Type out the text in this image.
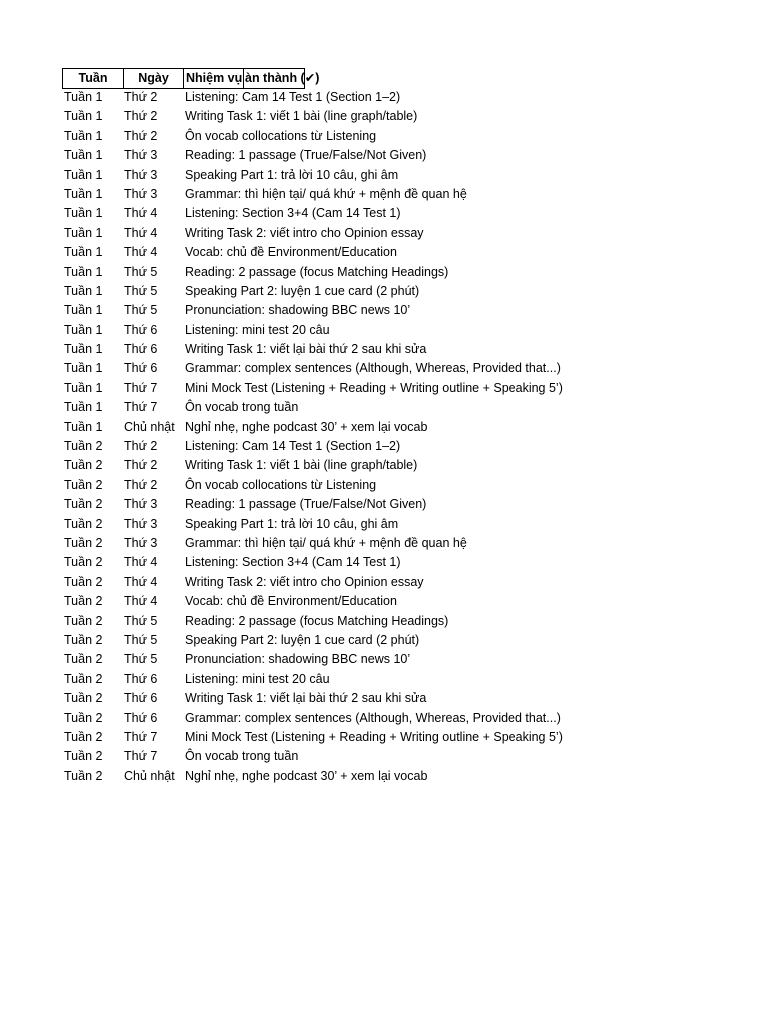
Tuần	Ngày	Nhiệm vụ àn thành (✔)
Tuần 1 Thứ 2 Listening: Cam 14 Test 1 (Section 1–2)
Tuần 1 Thứ 2 Writing Task 1: viết 1 bài (line graph/table)
Tuần 1 Thứ 2 Ôn vocab collocations từ Listening
Tuần 1 Thứ 3 Reading: 1 passage (True/False/Not Given)
Tuần 1 Thứ 3 Speaking Part 1: trả lời 10 câu, ghi âm
Tuần 1 Thứ 3 Grammar: thì hiện tại/ quá khứ + mệnh đề quan hệ
Tuần 1 Thứ 4 Listening: Section 3+4 (Cam 14 Test 1)
Tuần 1 Thứ 4 Writing Task 2: viết intro cho Opinion essay
Tuần 1 Thứ 4 Vocab: chủ đề Environment/Education
Tuần 1 Thứ 5 Reading: 2 passage (focus Matching Headings)
Tuần 1 Thứ 5 Speaking Part 2: luyện 1 cue card (2 phút)
Tuần 1 Thứ 5 Pronunciation: shadowing BBC news 10’
Tuần 1 Thứ 6 Listening: mini test 20 câu
Tuần 1 Thứ 6 Writing Task 1: viết lại bài thứ 2 sau khi sửa
Tuần 1 Thứ 6 Grammar: complex sentences (Although, Whereas, Provided that...)
Tuần 1 Thứ 7 Mini Mock Test (Listening + Reading + Writing outline + Speaking 5’)
Tuần 1 Thứ 7 Ôn vocab trong tuần
Tuần 1 Chủ nhật Nghỉ nhẹ, nghe podcast 30’ + xem lại vocab
Tuần 2 Thứ 2 Listening: Cam 14 Test 1 (Section 1–2)
Tuần 2 Thứ 2 Writing Task 1: viết 1 bài (line graph/table)
Tuần 2 Thứ 2 Ôn vocab collocations từ Listening
Tuần 2 Thứ 3 Reading: 1 passage (True/False/Not Given)
Tuần 2 Thứ 3 Speaking Part 1: trả lời 10 câu, ghi âm
Tuần 2 Thứ 3 Grammar: thì hiện tại/ quá khứ + mệnh đề quan hệ
Tuần 2 Thứ 4 Listening: Section 3+4 (Cam 14 Test 1)
Tuần 2 Thứ 4 Writing Task 2: viết intro cho Opinion essay
Tuần 2 Thứ 4 Vocab: chủ đề Environment/Education
Tuần 2 Thứ 5 Reading: 2 passage (focus Matching Headings)
Tuần 2 Thứ 5 Speaking Part 2: luyện 1 cue card (2 phút)
Tuần 2 Thứ 5 Pronunciation: shadowing BBC news 10’
Tuần 2 Thứ 6 Listening: mini test 20 câu
Tuần 2 Thứ 6 Writing Task 1: viết lại bài thứ 2 sau khi sửa
Tuần 2 Thứ 6 Grammar: complex sentences (Although, Whereas, Provided that...)
Tuần 2 Thứ 7 Mini Mock Test (Listening + Reading + Writing outline + Speaking 5’)
Tuần 2 Thứ 7 Ôn vocab trong tuần
Tuần 2 Chủ nhật Nghỉ nhẹ, nghe podcast 30’ + xem lại vocab
